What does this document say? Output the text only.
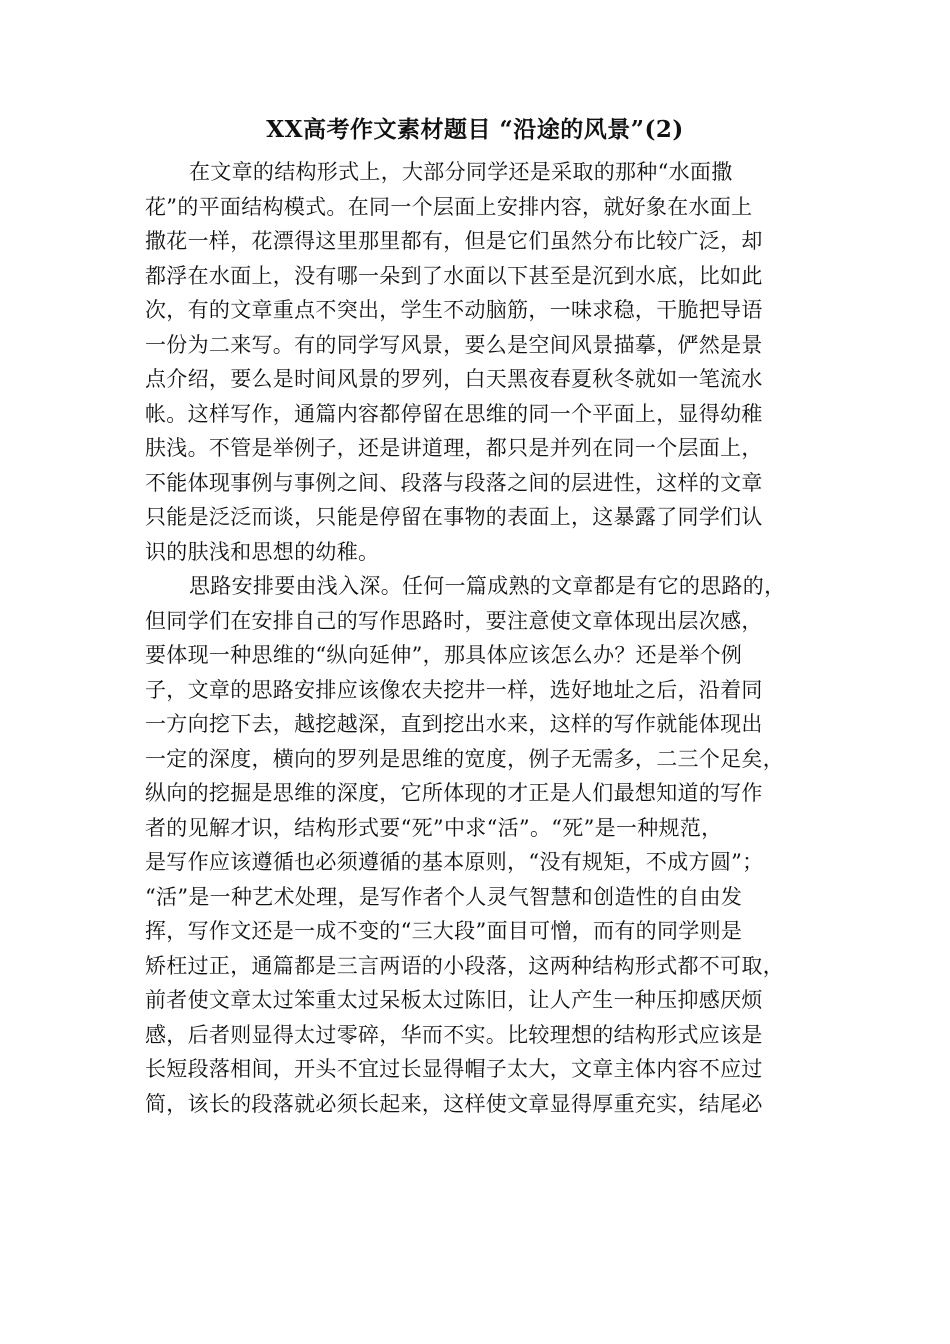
XX高考作文素材题目 “沿途的风景”(2)
在文章的结构形式上，大部分同学还是采取的那种“水面撒
花”的平面结构模式。在同一个层面上安排内容，就好象在水面上
撒花一样，花漂得这里那里都有，但是它们虽然分布比较广泛，却
都浮在水面上，没有哪一朵到了水面以下甚至是沉到水底，比如此
次，有的文章重点不突出，学生不动脑筋，一味求稳，干脆把导语
一份为二来写。有的同学写风景，要么是空间风景描摹，俨然是景
点介绍，要么是时间风景的罗列，白天黑夜春夏秋冬就如一笔流水
帐。这样写作，通篇内容都停留在思维的同一个平面上，显得幼稚
肤浅。不管是举例子，还是讲道理，都只是并列在同一个层面上，
不能体现事例与事例之间、段落与段落之间的层进性，这样的文章
只能是泛泛而谈，只能是停留在事物的表面上，这暴露了同学们认
识的肤浅和思想的幼稚。
思路安排要由浅入深。任何一篇成熟的文章都是有它的思路的，
但同学们在安排自己的写作思路时，要注意使文章体现出层次感，
要体现一种思维的“纵向延伸”，那具体应该怎么办？还是举个例
子，文章的思路安排应该像农夫挖井一样，选好地址之后，沿着同
一方向挖下去，越挖越深，直到挖出水来，这样的写作就能体现出
一定的深度，横向的罗列是思维的宽度，例子无需多，二三个足矣，
纵向的挖掘是思维的深度，它所体现的才正是人们最想知道的写作
者的见解才识，结构形式要“死”中求“活”。“死”是一种规范，
是写作应该遵循也必须遵循的基本原则，“没有规矩，不成方圆”；
“活”是一种艺术处理，是写作者个人灵气智慧和创造性的自由发
挥，写作文还是一成不变的“三大段”面目可憎，而有的同学则是
矫枉过正，通篇都是三言两语的小段落，这两种结构形式都不可取，
前者使文章太过笨重太过呆板太过陈旧，让人产生一种压抑感厌烦
感，后者则显得太过零碎，华而不实。比较理想的结构形式应该是
长短段落相间，开头不宜过长显得帽子太大，文章主体内容不应过
简，该长的段落就必须长起来，这样使文章显得厚重充实，结尾必
